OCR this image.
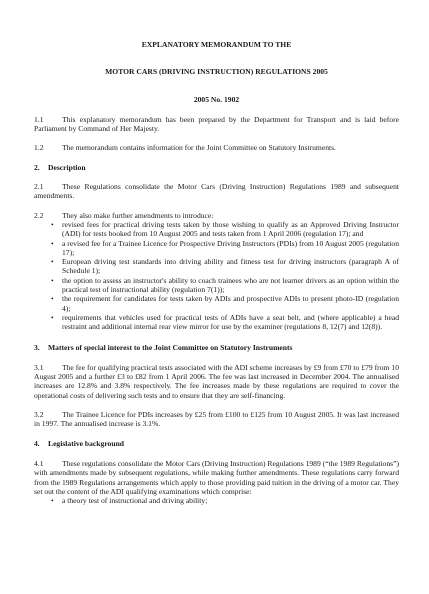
EXPLANATORY MEMORANDUM TO THE

MOTOR CARS (DRIVING INSTRUCTION) REGULATIONS 2005

2005 No. 1902

1.1 This explanatory memorandum has been prepared by the Department for Transport and is laid before Parliament by Command of Her Majesty.

1.2 The memorandum contains information for the Joint Committee on Statutory Instruments.

2. Description

2.1 These Regulations consolidate the Motor Cars (Driving Instruction) Regulations 1989 and subsequent amendments.

2.2 They also make further amendments to introduce:

• revised fees for practical driving tests taken by those wishing to qualify as an Approved Driving Instructor (ADI) for tests booked from 10 August 2005 and tests taken from 1 April 2006 (regulation 17); and
• a revised fee for a Trainee Licence for Prospective Driving Instructors (PDIs) from 10 August 2005 (regulation 17);
• European driving test standards into driving ability and fitness test for driving instructors (paragraph A of Schedule 1);
• the option to assess an instructor's ability to coach trainees who are not learner drivers as an option within the practical test of instructional ability (regulation 7(1));
• the requirement for candidates for tests taken by ADIs and prospective ADIs to present photo-ID (regulation 4);
• requirements that vehicles used for practical tests of ADIs have a seat belt, and (where applicable) a head restraint and additional internal rear view mirror for use by the examiner (regulations 8, 12(7) and 12(8)).

3. Matters of special interest to the Joint Committee on Statutory Instruments

3.1 The fee for qualifying practical tests associated with the ADI scheme increases by £9 from £70 to £79 from 10 August 2005 and a further £3 to £82 from 1 April 2006. The fee was last increased in December 2004. The annualised increases are 12.8% and 3.8% respectively. The fee increases made by these regulations are required to cover the operational costs of delivering such tests and to ensure that they are self-financing.

3.2 The Trainee Licence for PDIs increases by £25 from £100 to £125 from 10 August 2005. It was last increased in 1997. The annualised increase is 3.1%.

4. Legislative background

4.1 These regulations consolidate the Motor Cars (Driving Instruction) Regulations 1989 (“the 1989 Regulations”) with amendments made by subsequent regulations, while making further amendments. These regulations carry forward from the 1989 Regulations arrangements which apply to those providing paid tuition in the driving of a motor car. They set out the content of the ADI qualifying examinations which comprise:

• a theory test of instructional and driving ability;
